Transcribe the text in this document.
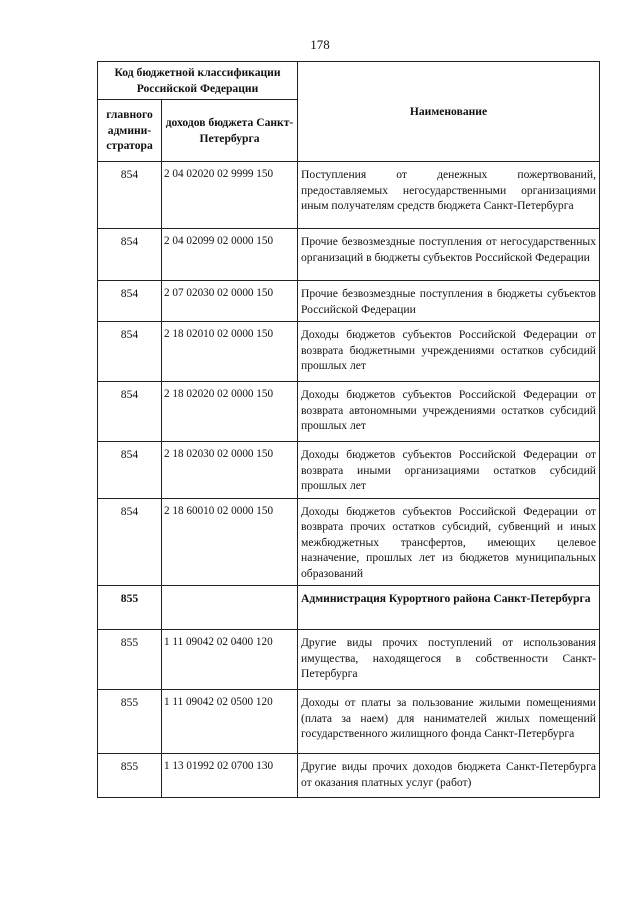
178
Код бюджетной классификации Российской Федерации		Наименование
главного админи-стратора	доходов бюджета Санкт-Петербурга	
854	2 04 02020 02 9999 150	Поступления от денежных пожертвований, предоставляемых негосударственными организациями иным получателям средств бюджета Санкт-Петербурга
854	2 04 02099 02 0000 150	Прочие безвозмездные поступления от негосударственных организаций в бюджеты субъектов Российской Федерации
854	2 07 02030 02 0000 150	Прочие безвозмездные поступления в бюджеты субъектов Российской Федерации
854	2 18 02010 02 0000 150	Доходы бюджетов субъектов Российской Федерации от возврата бюджетными учреждениями остатков субсидий прошлых лет
854	2 18 02020 02 0000 150	Доходы бюджетов субъектов Российской Федерации от возврата автономными учреждениями остатков субсидий прошлых лет
854	2 18 02030 02 0000 150	Доходы бюджетов субъектов Российской Федерации от возврата иными организациями остатков субсидий прошлых лет
854	2 18 60010 02 0000 150	Доходы бюджетов субъектов Российской Федерации от возврата прочих остатков субсидий, субвенций и иных межбюджетных трансфертов, имеющих целевое назначение, прошлых лет из бюджетов муниципальных образований
855		Администрация Курортного района Санкт-Петербурга
855	1 11 09042 02 0400 120	Другие виды прочих поступлений от использования имущества, находящегося в собственности Санкт-Петербурга
855	1 11 09042 02 0500 120	Доходы от платы за пользование жилыми помещениями (плата за наем) для нанимателей жилых помещений государственного жилищного фонда Санкт-Петербурга
855	1 13 01992 02 0700 130	Другие виды прочих доходов бюджета Санкт-Петербурга от оказания платных услуг (работ)
